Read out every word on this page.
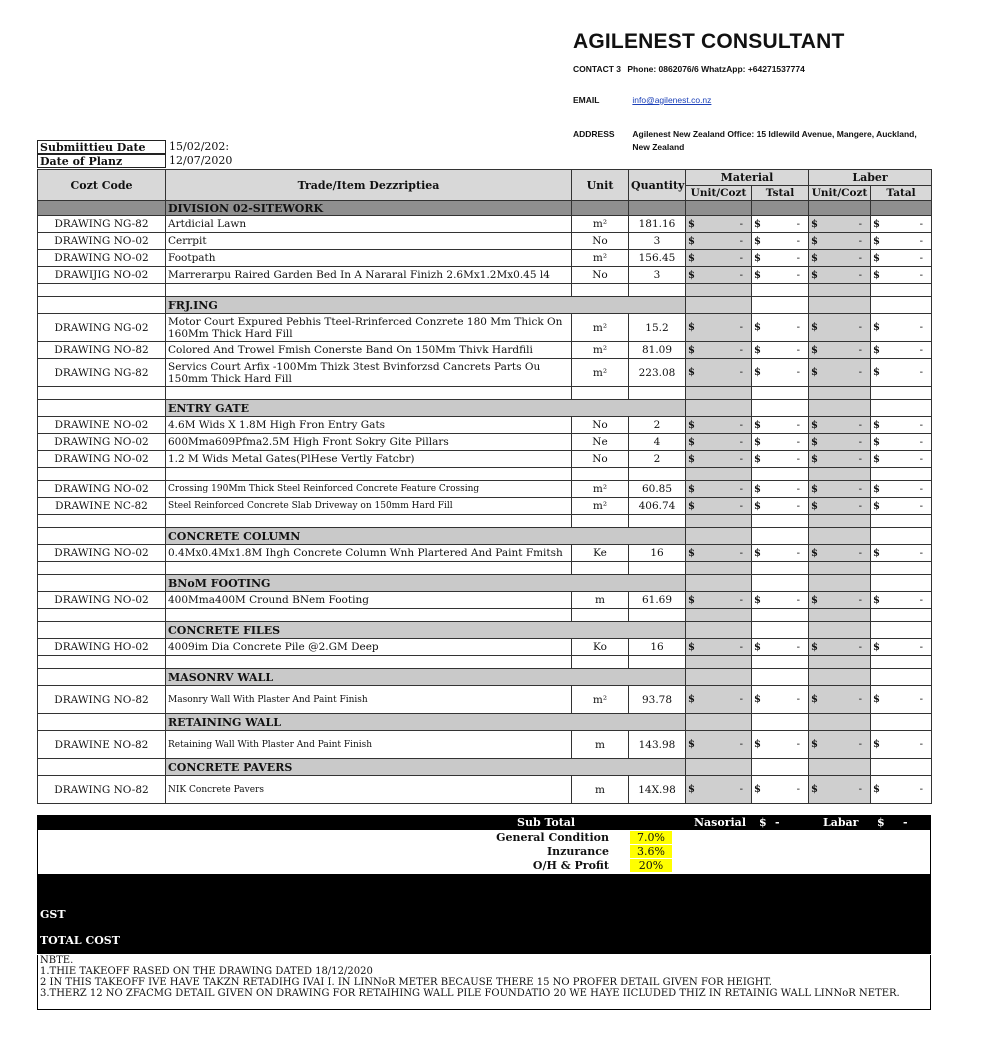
AGILENEST CONSULTANT
CONTACT 3 Phone: 0862076/6 WhatzApp: +64271537774
EMAIL	info@agilenest.co.nz
ADDRESS Agilenest New Zealand Office: 15 Idlewild Avenue, Mangere, Auckland,
New Zealand
Submiittieu Date	15/02/202:
Date of Planz	12/07/2020
Cozt Code	Trade/Item Dezzriptiea	Unit	Quantity	Material		Laber	
				Unit/Cozt	Tstal	Unit/Cozt	Tatal
	DIVISION 02-SITEWORK						
DRAWING NG-82	Artdicial Lawn	m²	181.16	$ -	$ -	$ -	$ -

DRAWING NO-02	Cerrpit	No	3	$ -	$ -	$ -	$ -

DRAWING NO-02	Footpath	m²	156.45	$ -	$ -	$ -	$ -

DRAWIJIG NO-02	Marrerarpu Raired Garden Bed In A Nararal Finizh 2.6Mx1.2Mx0.45 l4	No	3	$ -	$ -	$ -	$ -

	FRJ.ING						
DRAWING NG-02	Motor Court Expured Pebhis Tteel-Rrinferced Conzrete 180 Mm Thick On 160Mm Thick Hard Fill	m²	15.2	$ -	$ -	$ -	$ -

DRAWING NO-82	Colored And Trowel Fmish Conerste Band On 150Mm Thivk Hardfili	m²	81.09	$ -	$ -	$ -	$ -

DRAWING NG-82	Servics Court Arfix -100Mm Thizk 3test Bvinforzsd Cancrets Parts Ou 150mm Thick Hard Fill	m²	223.08	$ -	$ -	$ -	$ -

	ENTRY GATE						
DRAWINE NO-02	4.6M Wids X 1.8M High Fron Entry Gats	No	2	$ -	$ -	$ -	$ -

DRAWING NO-02	600Mma609Pfma2.5M High Front Sokry Gite Pillars	Ne	4	$ -	$ -	$ -	$ -

DRAWING NO-02	1.2 M Wids Metal Gates(PlHese Vertly Fatcbr)	No	2	$ -	$ -	$ -	$ -

DRAWING NO-02	Crossing 190Mm Thick Steel Reinforced Concrete Feature Crossing	m²	60.85	$ -	$ -	$ -	$ -

DRAWINE NC-82	Steel Reinforced Concrete Slab Driveway on 150mm Hard Fill	m²	406.74	$ -	$ -	$ -	$ -

	CONCRETE COLUMN						
DRAWING NO-02	0.4Mx0.4Mx1.8M Ihgh Concrete Column Wnh Plartered And Paint Fmitsh	Ke	16	$ -	$ -	$ -	$ -

	BNoM FOOTING						
DRAWING NO-02	400Mma400M Cround BNem Footing	m	61.69	$ -	$ -	$ -	$ -

	CONCRETE FILES						
DRAWING HO-02	4009im Dia Concrete Pile @2.GM Deep	Ko	16	$ -	$ -	$ -	$ -

	MASONRV WALL						
DRAWING NO-82	Masonry Wall With Plaster And Paint Finish	m²	93.78	$ -	$ -	$ -	$ -

	RETAINING WALL						
DRAWINE NO-82	Retaining Wall With Plaster And Paint Finish	m	143.98	$ -	$ -	$ -	$ -

	CONCRETE PAVERS						
DRAWING NO-82	NIK Concrete Pavers	m	14X.98	$ -	$ -	$ -	$ -
Sub Total	Nasorial $ -	Labar $ -
General Condition	7.0%
Inzurance	3.6%
O/H & Profit	20%
GST
TOTAL COST
NBTE.
1.THIE TAKEOFF RASED ON THE DRAWING DATED 18/12/2020
2 IN THIS TAKEOFF IVE HAVE TAKZN RETADIHG IVAI I. IN LINNoR METER BECAUSE THERE 15 NO PROFER DETAIL GIVEN FOR HEIGHT.
3.THERZ 12 NO ZFACMG DETAIL GIVEN ON DRAWING FOR RETAIHING WALL PILE FOUNDATIO 20 WE HAYE IICLUDED THIZ IN RETAINIG WALL LINNoR NETER.
